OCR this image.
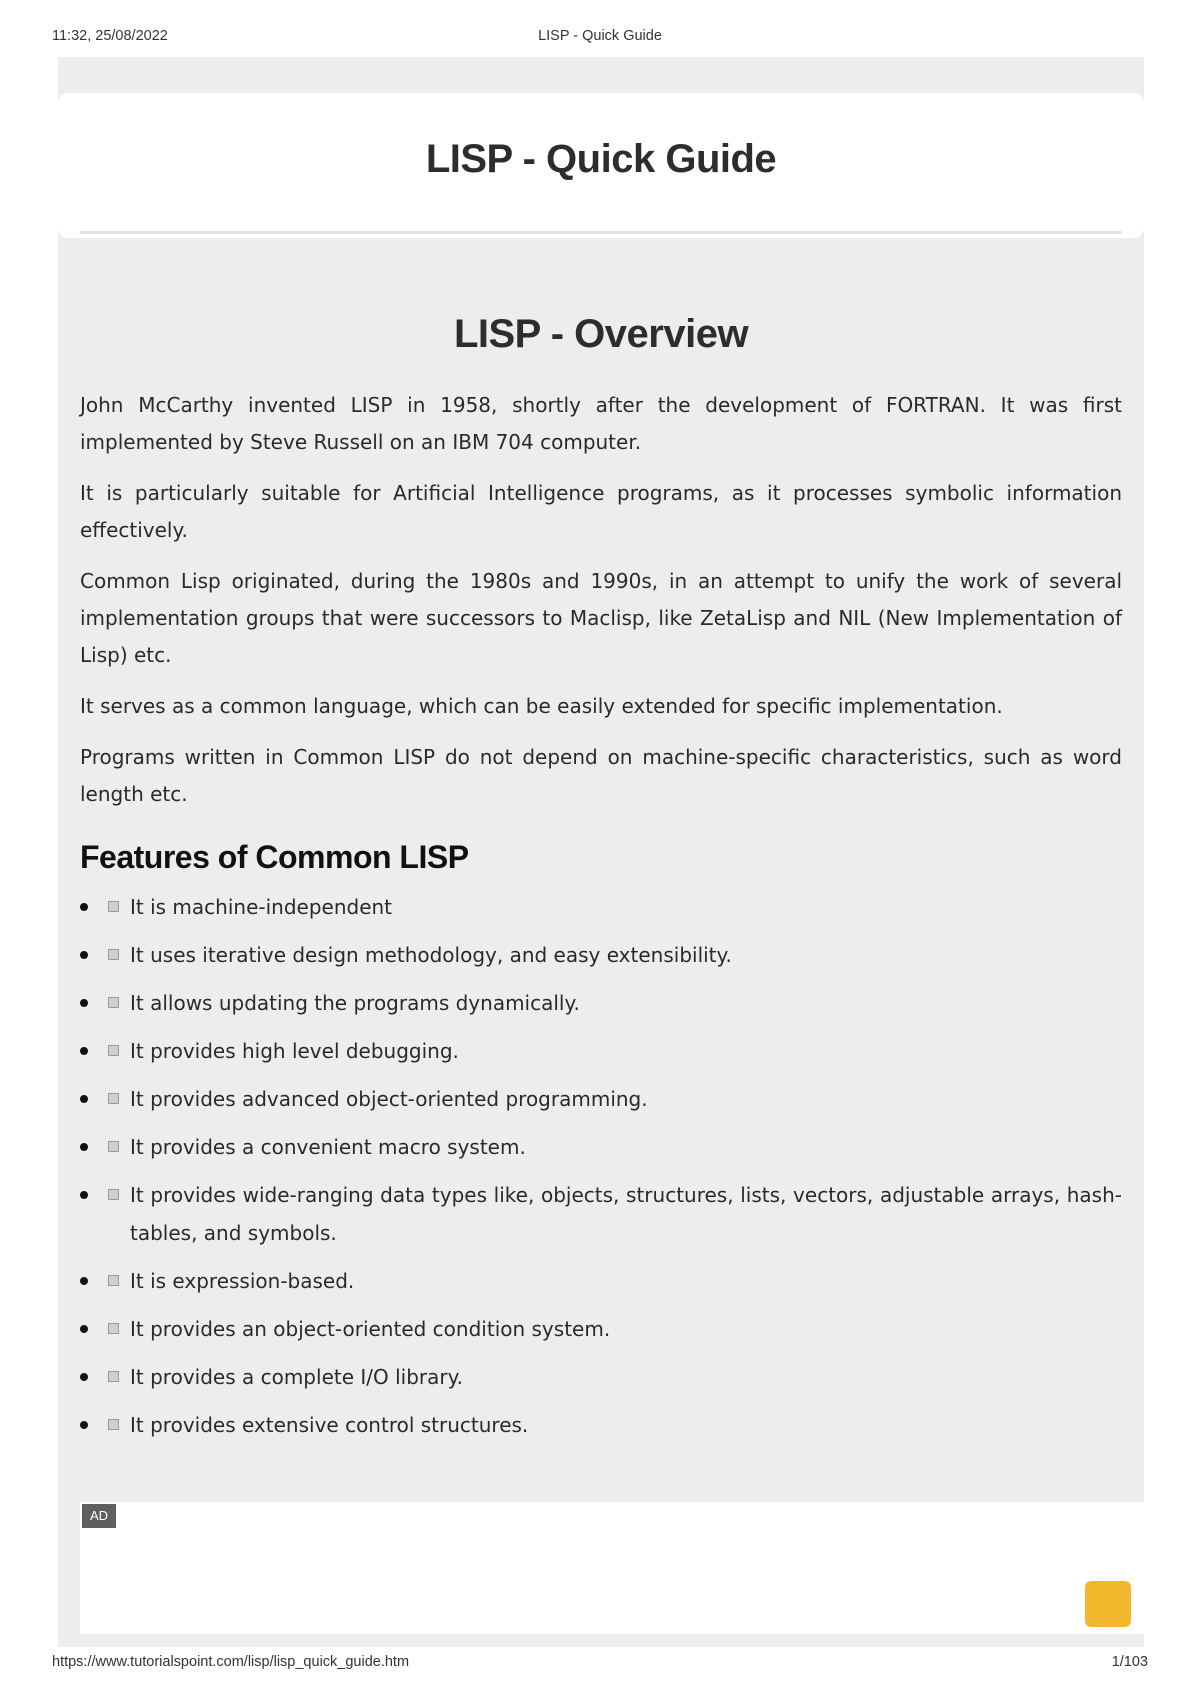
11:32, 25/08/2022	LISP - Quick Guide
LISP - Quick Guide
LISP - Overview

John McCarthy invented LISP in 1958, shortly after the development of FORTRAN. It was first implemented by Steve Russell on an IBM 704 computer.

It is particularly suitable for Artificial Intelligence programs, as it processes symbolic information effectively.

Common Lisp originated, during the 1980s and 1990s, in an attempt to unify the work of several implementation groups that were successors to Maclisp, like ZetaLisp and NIL (New Implementation of Lisp) etc.

It serves as a common language, which can be easily extended for specific implementation.

Programs written in Common LISP do not depend on machine-specific characteristics, such as word length etc.

Features of Common LISP
It is machine-independent
It uses iterative design methodology, and easy extensibility.
It allows updating the programs dynamically.
It provides high level debugging.
It provides advanced object-oriented programming.
It provides a convenient macro system.
It provides wide-ranging data types like, objects, structures, lists, vectors, adjustable arrays, hash-tables, and symbols.
It is expression-based.
It provides an object-oriented condition system.
It provides a complete I/O library.
It provides extensive control structures.
AD
https://www.tutorialspoint.com/lisp/lisp_quick_guide.htm	1/103
